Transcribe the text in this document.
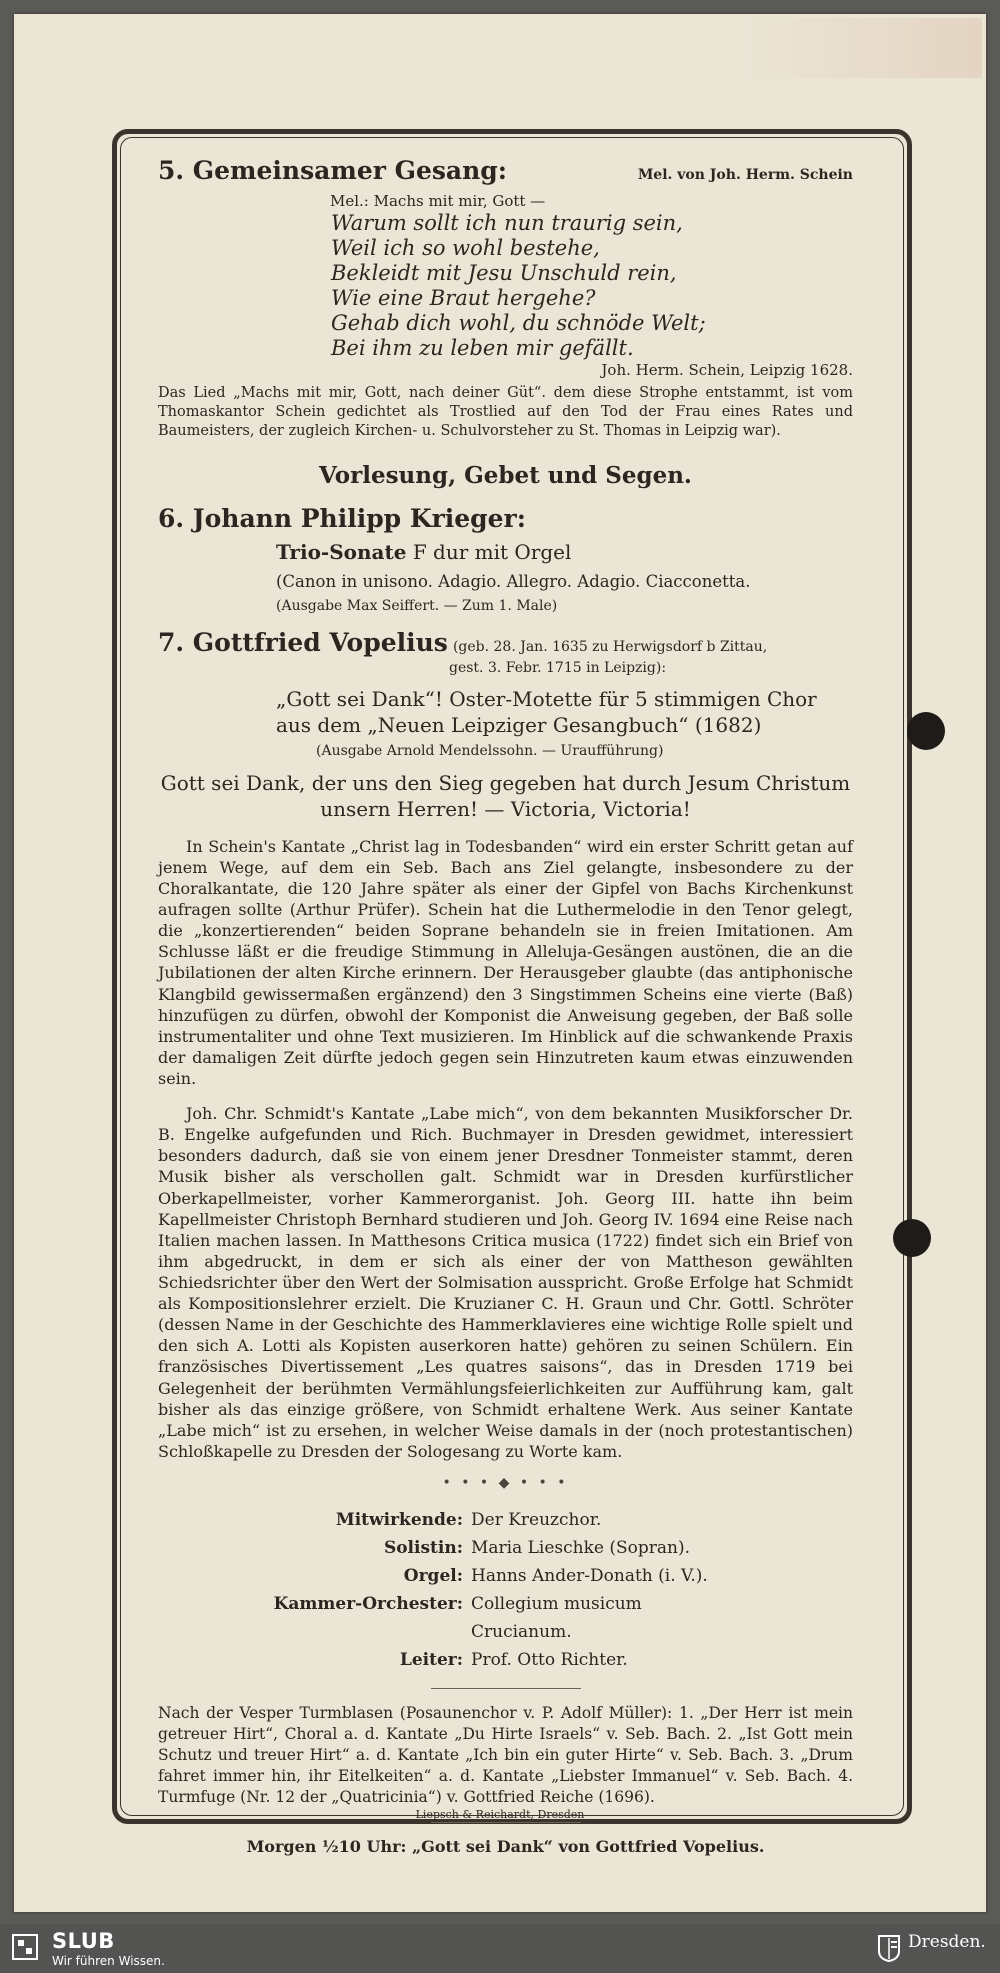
5. Gemeinsamer Gesang:	Mel. von Joh. Herm. Schein
Mel.: Machs mit mir, Gott —
Warum sollt ich nun traurig sein,
Weil ich so wohl bestehe,
Bekleidt mit Jesu Unschuld rein,
Wie eine Braut hergehe?
Gehab dich wohl, du schnöde Welt;
Bei ihm zu leben mir gefällt.
Joh. Herm. Schein, Leipzig 1628.
Das Lied „Machs mit mir, Gott, nach deiner Güt“. dem diese Strophe entstammt, ist vom Thomaskantor Schein gedichtet als Trostlied auf den Tod der Frau eines Rates und Baumeisters, der zugleich Kirchen- u. Schulvorsteher zu St. Thomas in Leipzig war).
Vorlesung, Gebet und Segen.
6. Johann Philipp Krieger:
Trio-Sonate F dur mit Orgel
(Canon in unisono. Adagio. Allegro. Adagio. Ciacconetta.
(Ausgabe Max Seiffert. — Zum 1. Male)
7. Gottfried Vopelius (geb. 28. Jan. 1635 zu Herwigsdorf b Zittau,
gest. 3. Febr. 1715 in Leipzig):
„Gott sei Dank“! Oster-Motette für 5 stimmigen Chor
aus dem „Neuen Leipziger Gesangbuch“ (1682)
(Ausgabe Arnold Mendelssohn. — Uraufführung)
Gott sei Dank, der uns den Sieg gegeben hat durch Jesum Christum
unsern Herren! — Victoria, Victoria!

In Schein's Kantate „Christ lag in Todesbanden“ wird ein erster Schritt getan auf jenem Wege, auf dem ein Seb. Bach ans Ziel gelangte, insbesondere zu der Choralkantate, die 120 Jahre später als einer der Gipfel von Bachs Kirchenkunst aufragen sollte (Arthur Prüfer). Schein hat die Luthermelodie in den Tenor gelegt, die „konzertierenden“ beiden Soprane behandeln sie in freien Imitationen. Am Schlusse läßt er die freudige Stimmung in Alleluja-Gesängen austönen, die an die Jubilationen der alten Kirche erinnern. Der Herausgeber glaubte (das antiphonische Klangbild gewissermaßen ergänzend) den 3 Singstimmen Scheins eine vierte (Baß) hinzufügen zu dürfen, obwohl der Komponist die Anweisung gegeben, der Baß solle instrumentaliter und ohne Text musizieren. Im Hinblick auf die schwankende Praxis der damaligen Zeit dürfte jedoch gegen sein Hinzutreten kaum etwas einzuwenden sein.

Joh. Chr. Schmidt's Kantate „Labe mich“, von dem bekannten Musikforscher Dr. B. Engelke aufgefunden und Rich. Buchmayer in Dresden gewidmet, interessiert besonders dadurch, daß sie von einem jener Dresdner Tonmeister stammt, deren Musik bisher als verschollen galt. Schmidt war in Dresden kurfürstlicher Oberkapellmeister, vorher Kammerorganist. Joh. Georg III. hatte ihn beim Kapellmeister Christoph Bernhard studieren und Joh. Georg IV. 1694 eine Reise nach Italien machen lassen. In Matthesons Critica musica (1722) findet sich ein Brief von ihm abgedruckt, in dem er sich als einer der von Mattheson gewählten Schiedsrichter über den Wert der Solmisation ausspricht. Große Erfolge hat Schmidt als Kompositionslehrer erzielt. Die Kruzianer C. H. Graun und Chr. Gottl. Schröter (dessen Name in der Geschichte des Hammerklavieres eine wichtige Rolle spielt und den sich A. Lotti als Kopisten auserkoren hatte) gehören zu seinen Schülern. Ein französisches Divertissement „Les quatres saisons“, das in Dresden 1719 bei Gelegenheit der berühmten Vermählungsfeierlichkeiten zur Aufführung kam, galt bisher als das einzige größere, von Schmidt erhaltene Werk. Aus seiner Kantate „Labe mich“ ist zu ersehen, in welcher Weise damals in der (noch protestantischen) Schloßkapelle zu Dresden der Sologesang zu Worte kam.

• • • ◆ • • •
Mitwirkende: Der Kreuzchor.
Solistin: Maria Lieschke (Sopran).
Orgel: Hanns Ander-Donath (i. V.).
Kammer-Orchester: Collegium musicum Crucianum.
Leiter: Prof. Otto Richter.
Nach der Vesper Turmblasen (Posaunenchor v. P. Adolf Müller): 1. „Der Herr ist mein getreuer Hirt“, Choral a. d. Kantate „Du Hirte Israels“ v. Seb. Bach. 2. „Ist Gott mein Schutz und treuer Hirt“ a. d. Kantate „Ich bin ein guter Hirte“ v. Seb. Bach. 3. „Drum fahret immer hin, ihr Eitelkeiten“ a. d. Kantate „Liebster Immanuel“ v. Seb. Bach. 4. Turmfuge (Nr. 12 der „Quatricinia“) v. Gottfried Reiche (1696).
Morgen ½10 Uhr: „Gott sei Dank“ von Gottfried Vopelius.
Liepsch & Reichardt, Dresden
SLUB
Wir führen Wissen.
Dresden.
